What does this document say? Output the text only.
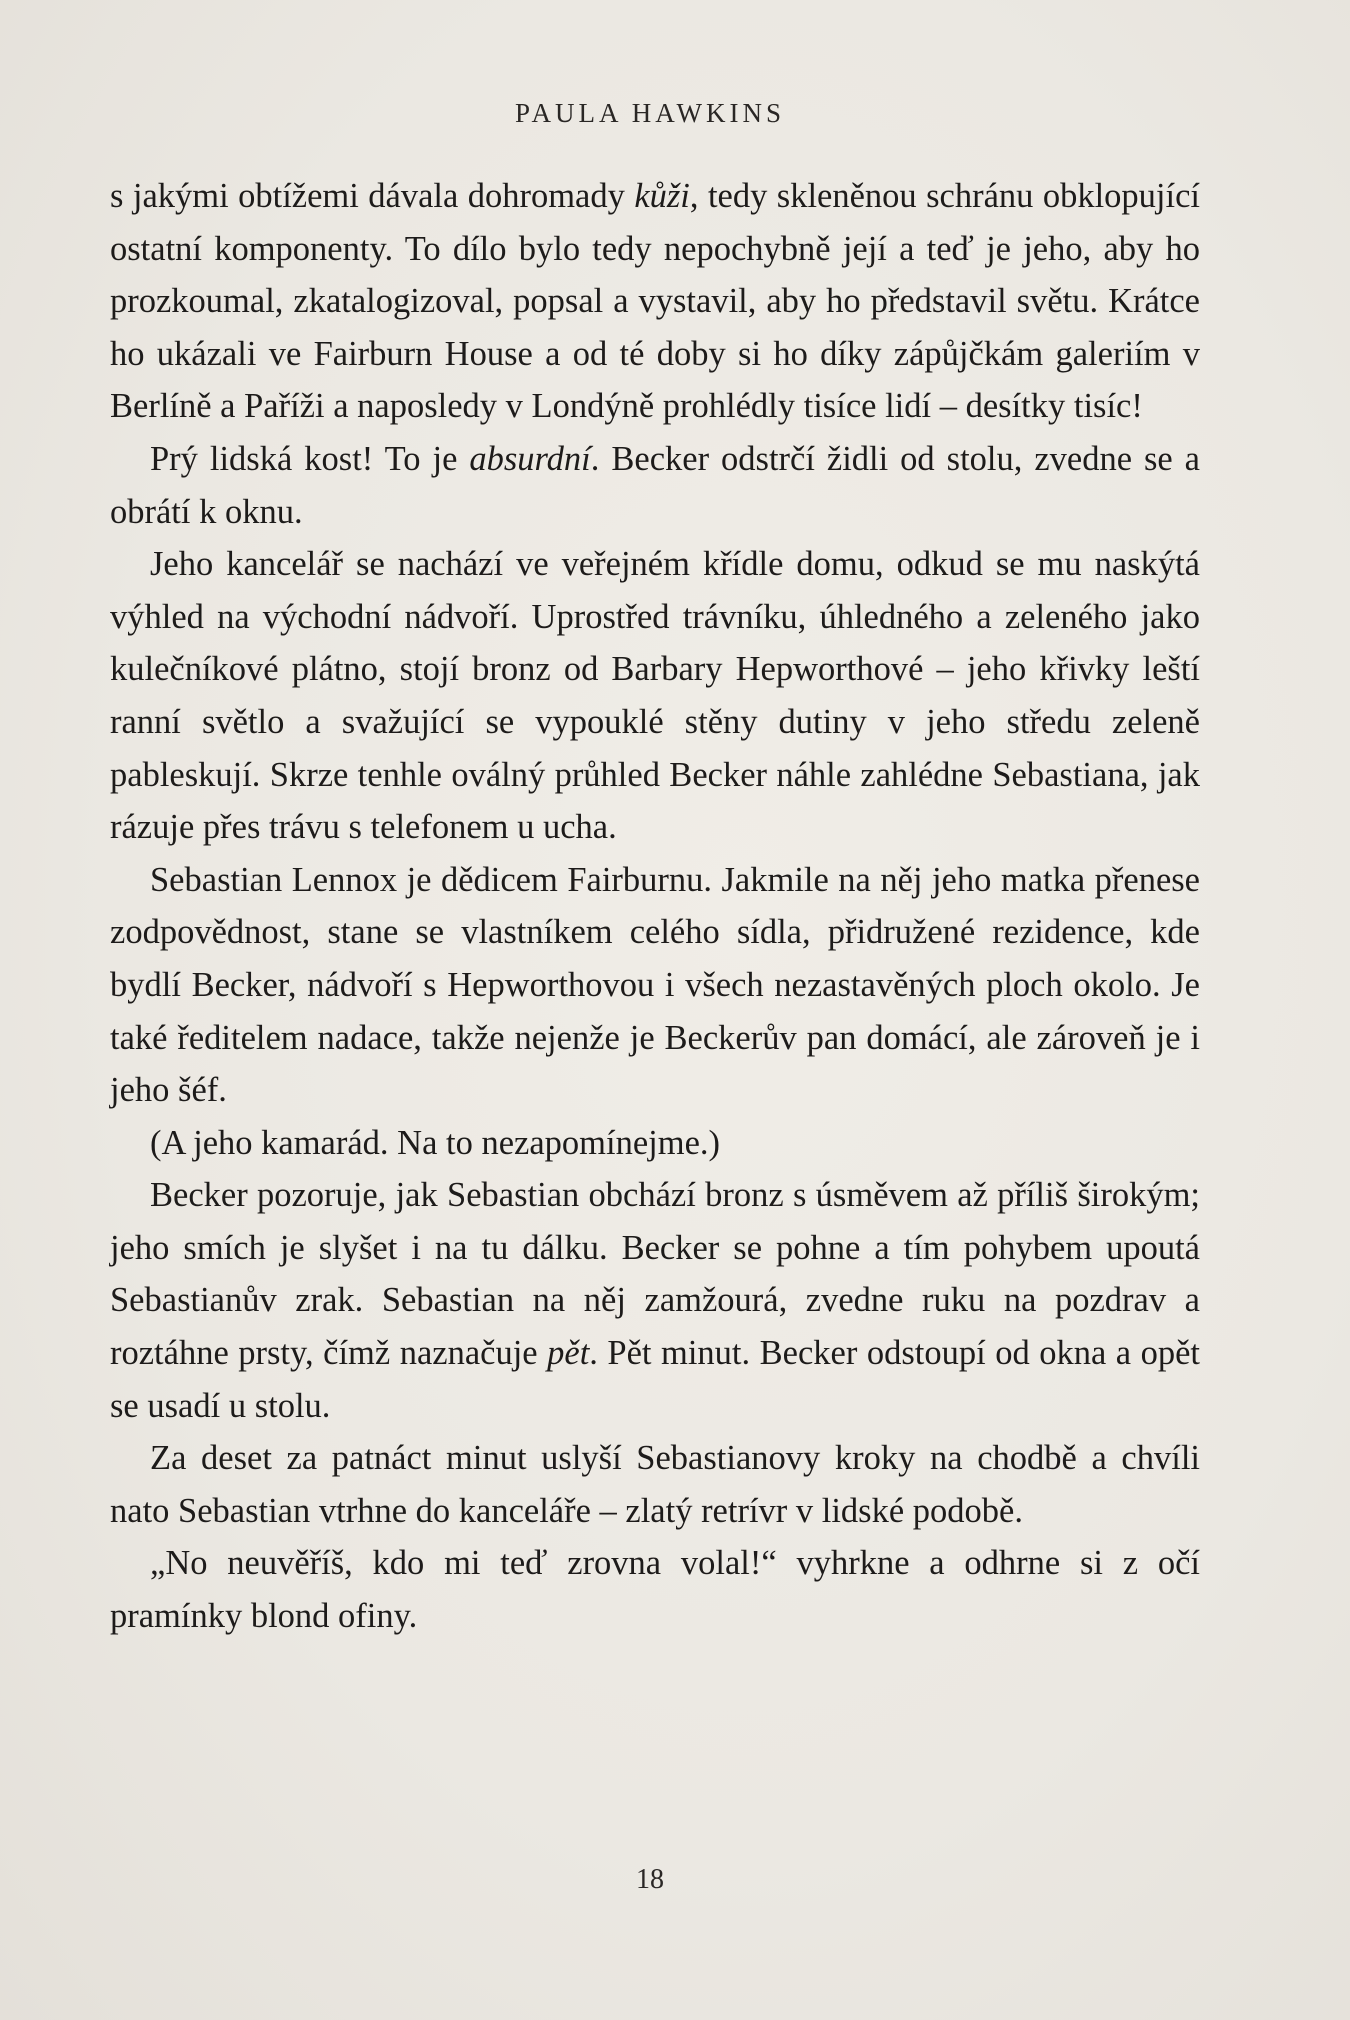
PAULA HAWKINS

s jakými obtížemi dávala dohromady kůži, tedy skleněnou schránu obklopující ostatní komponenty. To dílo bylo tedy nepochybně její a teď je jeho, aby ho prozkoumal, zkatalogizoval, popsal a vystavil, aby ho představil světu. Krátce ho ukázali ve Fairburn House a od té doby si ho díky zápůjčkám galeriím v Berlíně a Paříži a naposledy v Londýně prohlédly tisíce lidí – desítky tisíc!

Prý lidská kost! To je absurdní. Becker odstrčí židli od stolu, zvedne se a obrátí k oknu.

Jeho kancelář se nachází ve veřejném křídle domu, odkud se mu naskýtá výhled na východní nádvoří. Uprostřed trávníku, úhledného a zeleného jako kulečníkové plátno, stojí bronz od Barbary Hepworthové – jeho křivky leští ranní světlo a svažující se vypouklé stěny dutiny v jeho středu zeleně pableskují. Skrze tenhle oválný průhled Becker náhle zahlédne Sebastiana, jak rázuje přes trávu s telefonem u ucha.

Sebastian Lennox je dědicem Fairburnu. Jakmile na něj jeho matka přenese zodpovědnost, stane se vlastníkem celého sídla, přidružené rezidence, kde bydlí Becker, nádvoří s Hepworthovou i všech nezastavěných ploch okolo. Je také ředitelem nadace, takže nejenže je Beckerův pan domácí, ale zároveň je i jeho šéf.

(A jeho kamarád. Na to nezapomínejme.)

Becker pozoruje, jak Sebastian obchází bronz s úsměvem až příliš širokým; jeho smích je slyšet i na tu dálku. Becker se pohne a tím pohybem upoutá Sebastianův zrak. Sebastian na něj zamžourá, zvedne ruku na pozdrav a roztáhne prsty, čímž naznačuje pět. Pět minut. Becker odstoupí od okna a opět se usadí u stolu.

Za deset za patnáct minut uslyší Sebastianovy kroky na chodbě a chvíli nato Sebastian vtrhne do kanceláře – zlatý retrívr v lidské podobě.

„No neuvěříš, kdo mi teď zrovna volal!“ vyhrkne a odhrne si z očí pramínky blond ofiny.

18
